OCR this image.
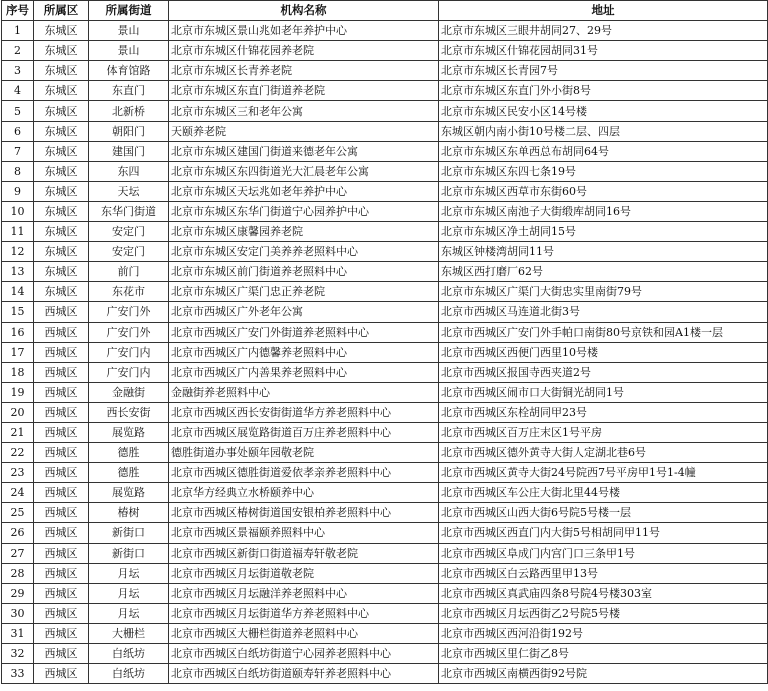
序号	所属区	所属街道	机构名称	地址
1	东城区	景山	北京市东城区景山兆如老年养护中心	北京市东城区三眼井胡同27、29号
2	东城区	景山	北京市东城区什锦花园养老院	北京市东城区什锦花园胡同31号
3	东城区	体育馆路	北京市东城区长青养老院	北京市东城区长青园7号
4	东城区	东直门	北京市东城区东直门街道养老院	北京市东城区东直门外小街8号
5	东城区	北新桥	北京市东城区三和老年公寓	北京市东城区民安小区14号楼
6	东城区	朝阳门	天颐养老院	东城区朝内南小街10号楼二层、四层
7	东城区	建国门	北京市东城区建国门街道来德老年公寓	北京市东城区东单西总布胡同64号
8	东城区	东四	北京市东城区东四街道光大汇晨老年公寓	北京市东城区东四七条19号
9	东城区	天坛	北京市东城区天坛兆如老年养护中心	北京市东城区西草市东街60号
10	东城区	东华门街道	北京市东城区东华门街道宁心园养护中心	北京市东城区南池子大街缎库胡同16号
11	东城区	安定门	北京市东城区康馨园养老院	北京市东城区净土胡同15号
12	东城区	安定门	北京市东城区安定门美养养老照料中心	东城区钟楼湾胡同11号
13	东城区	前门	北京市东城区前门街道养老照料中心	东城区西打磨厂62号
14	东城区	东花市	北京市东城区广渠门忠正养老院	北京市东城区广渠门大街忠实里南街79号
15	西城区	广安门外	北京市西城区广外老年公寓	北京市西城区马连道北街3号
16	西城区	广安门外	北京市西城区广安门外街道养老照料中心	北京市西城区广安门外手帕口南街80号京铁和园A1楼一层
17	西城区	广安门内	北京市西城区广内德馨养老照料中心	北京市西城区西便门西里10号楼
18	西城区	广安门内	北京市西城区广内善果养老照料中心	北京市西城区报国寺西夹道2号
19	西城区	金融街	金融街养老照料中心	北京市西城区闹市口大街铜光胡同1号
20	西城区	西长安街	北京市西城区西长安街街道华方养老照料中心	北京市西城区东栓胡同甲23号
21	西城区	展览路	北京市西城区展览路街道百万庄养老照料中心	北京市西城区百万庄末区1号平房
22	西城区	德胜	德胜街道办事处颐年园敬老院	北京市西城区德外黄寺大街人定湖北巷6号
23	西城区	德胜	北京市西城区德胜街道爱依孝亲养老照料中心	北京市西城区黄寺大街24号院西7号平房甲1号1-4幢
24	西城区	展览路	北京华方经典立水桥颐养中心	北京市西城区车公庄大街北里44号楼
25	西城区	椿树	北京市西城区椿树街道国安银柏养老照料中心	北京市西城区山西大街6号院5号楼一层
26	西城区	新街口	北京市西城区景福颐养照料中心	北京市西城区西直门内大街5号相胡同甲11号
27	西城区	新街口	北京市西城区新街口街道福寿轩敬老院	北京市西城区阜成门内宫门口三条甲1号
28	西城区	月坛	北京市西城区月坛街道敬老院	北京市西城区白云路西里甲13号
29	西城区	月坛	北京市西城区月坛融洋养老照料中心	北京市西城区真武庙四条8号院4号楼303室
30	西城区	月坛	北京市西城区月坛街道华方养老照料中心	北京市西城区月坛西街乙2号院5号楼
31	西城区	大栅栏	北京市西城区大栅栏街道养老照料中心	北京市西城区西河沿街192号
32	西城区	白纸坊	北京市西城区白纸坊街道宁心园养老照料中心	北京市西城区里仁街乙8号
33	西城区	白纸坊	北京市西城区白纸坊街道颐寿轩养老照料中心	北京市西城区南横西街92号院
